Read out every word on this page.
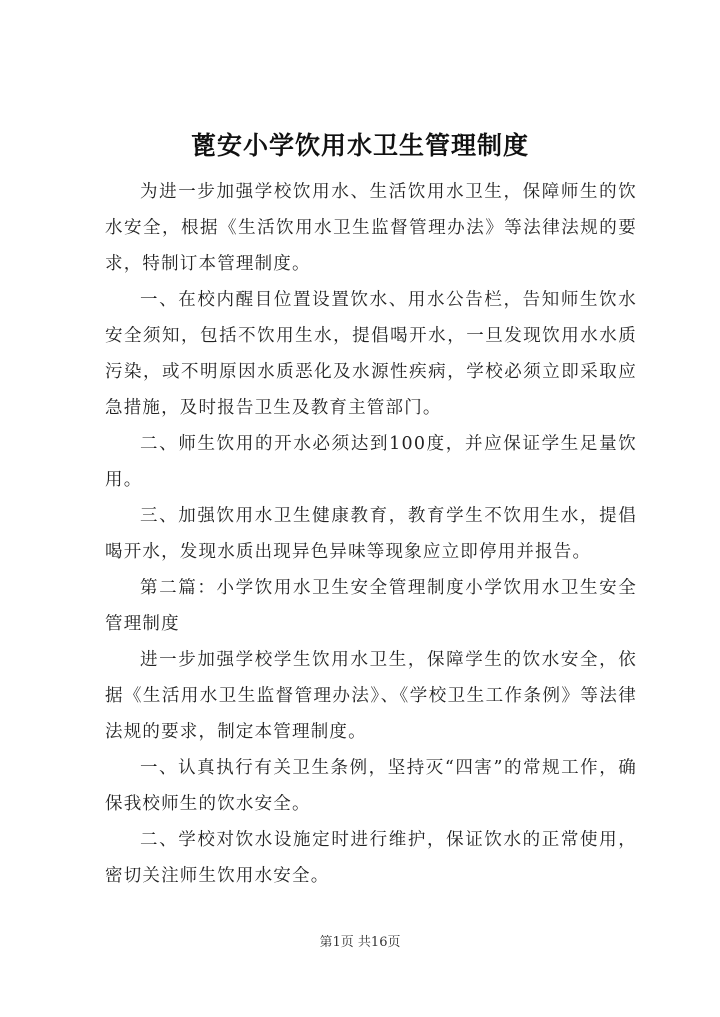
蓖安小学饮用水卫生管理制度

为进一步加强学校饮用水、生活饮用水卫生，保障师生的饮水安全，根据《生活饮用水卫生监督管理办法》等法律法规的要求，特制订本管理制度。

一、在校内醒目位置设置饮水、用水公告栏，告知师生饮水安全须知，包括不饮用生水，提倡喝开水，一旦发现饮用水水质污染，或不明原因水质恶化及水源性疾病，学校必须立即采取应急措施，及时报告卫生及教育主管部门。

二、师生饮用的开水必须达到100度，并应保证学生足量饮用。

三、加强饮用水卫生健康教育，教育学生不饮用生水，提倡喝开水，发现水质出现异色异味等现象应立即停用并报告。

第二篇：小学饮用水卫生安全管理制度小学饮用水卫生安全管理制度

进一步加强学校学生饮用水卫生，保障学生的饮水安全，依据《生活用水卫生监督管理办法》、《学校卫生工作条例》等法律法规的要求，制定本管理制度。

一、认真执行有关卫生条例，坚持灭“四害”的常规工作，确保我校师生的饮水安全。

二、学校对饮水设施定时进行维护，保证饮水的正常使用，密切关注师生饮用水安全。

第1页 共16页
